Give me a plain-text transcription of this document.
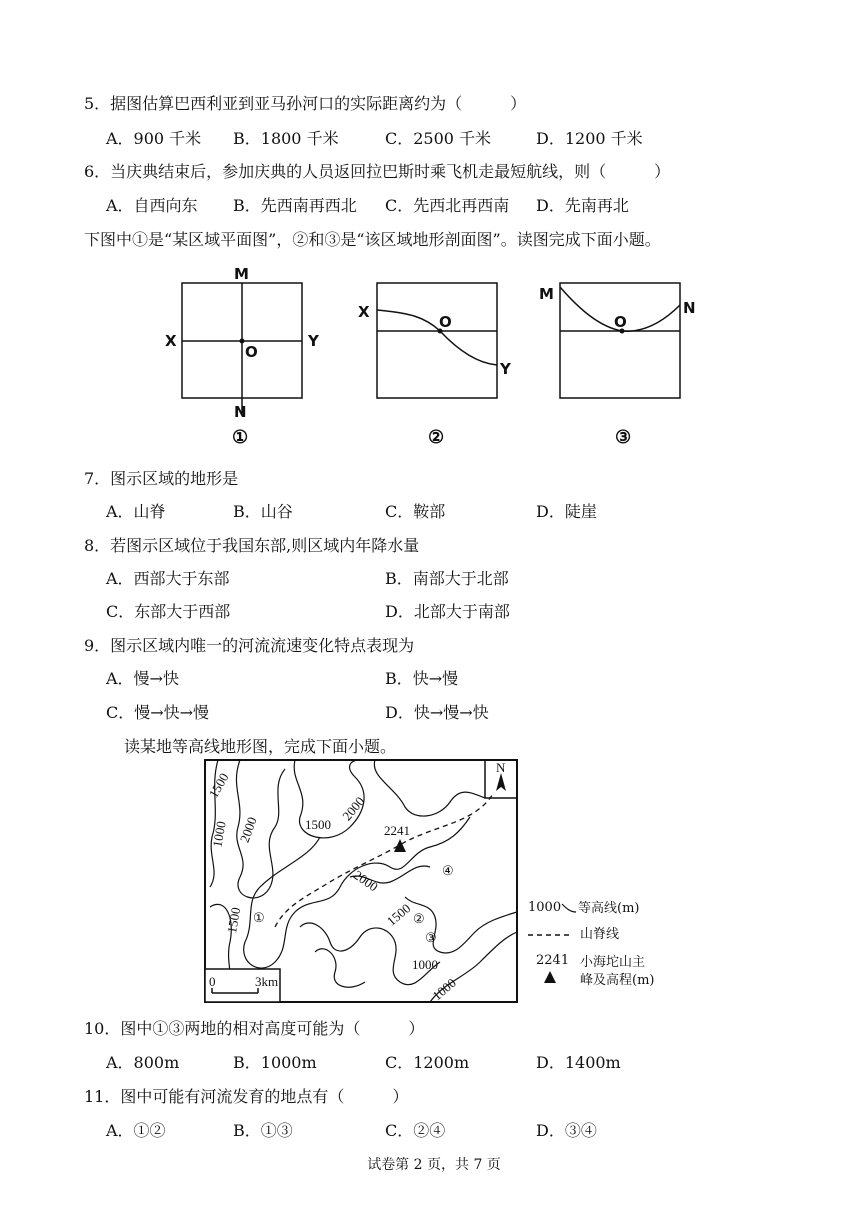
5．据图估算巴西利亚到亚马孙河口的实际距离约为（　　　）
A．900 千米 B．1800 千米	C．2500 千米	D．1200 千米
6．当庆典结束后，参加庆典的人员返回拉巴斯时乘飞机走最短航线，则（　　　）
A．自西向东 B．先西南再西北 C．先西北再西南 D．先南再北
下图中①是“某区域平面图”，②和③是“该区域地形剖面图”。读图完成下面小题。
M
N
X	Y
O
①
X
Y
O
②
M
N
O
③
7．图示区域的地形是
A．山脊	B．山谷	C．鞍部	D．陡崖
8．若图示区域位于我国东部,则区域内年降水量
A．西部大于东部	B．南部大于北部
C．东部大于西部	D．北部大于南部
9．图示区域内唯一的河流流速变化特点表现为
A．慢→快	B．快→慢
C．慢→快→慢	D．快→慢→快
读某地等高线地形图，完成下面小题。
N
2241
1500
1000 2000	1500
2000
2000
1500
1000
1500
1000
①	②
③
④
0	3km
1000 等高线(m)
山脊线
2241 小海坨山主
峰及高程(m)
10．图中①③两地的相对高度可能为（　　　）
A．800m	B．1000m	C．1200m	D．1400m
11．图中可能有河流发育的地点有（　　　）
A．①②	B．①③	C．②④	D．③④
试卷第 2 页，共 7 页
